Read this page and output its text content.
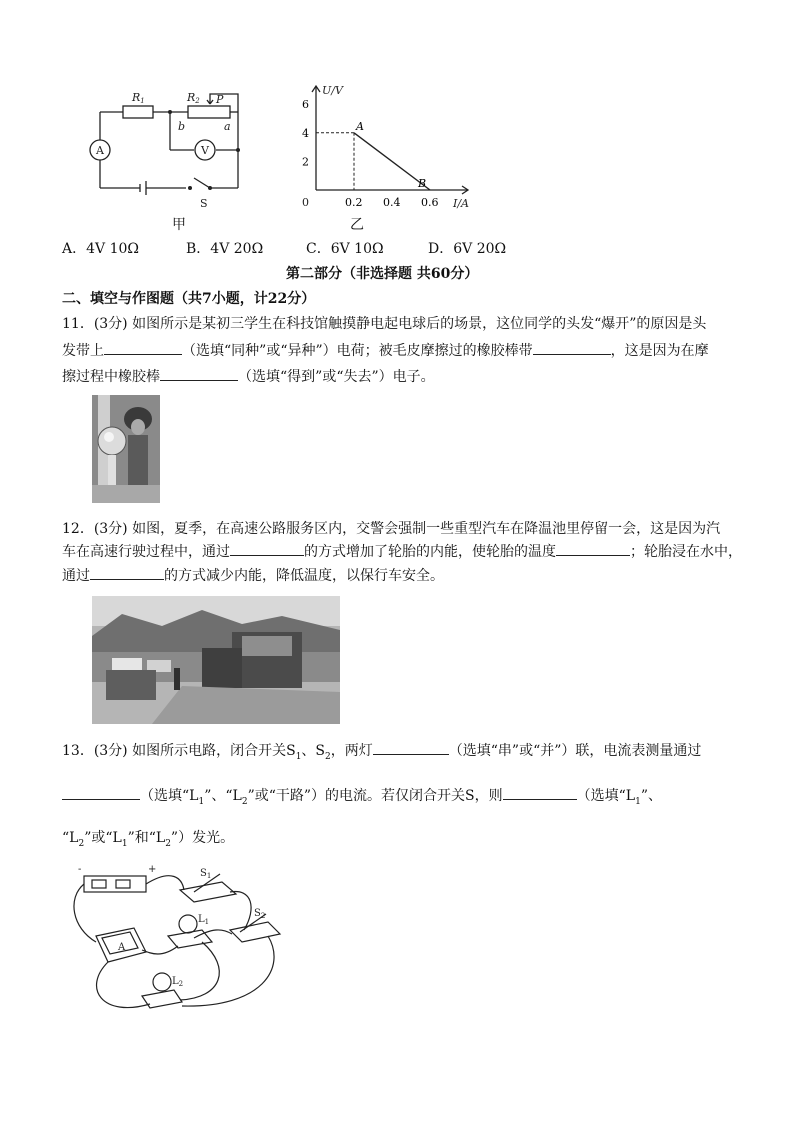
R1	R2 P
b	a
A	V
S
甲
A
B
6
4
2
0.2 0.4 0.6
U/V
I/A
0
乙
A．4V 10Ω	B．4V 20Ω	C．6V 10Ω	D．6V 20Ω
第二部分（非选择题 共60分）
二、填空与作图题（共7小题，计22分）
11．(3分) 如图所示是某初三学生在科技馆触摸静电起电球后的场景，这位同学的头发“爆开”的原因是头
发带上	（选填“同种”或“异种”）电荷；被毛皮摩擦过的橡胶棒带	，这是因为在摩
擦过程中橡胶棒	（选填“得到”或“失去”）电子。
12．(3分) 如图，夏季，在高速公路服务区内，交警会强制一些重型汽车在降温池里停留一会，这是因为汽
车在高速行驶过程中，通过	的方式增加了轮胎的内能，使轮胎的温度	；轮胎浸在水中，
通过	的方式减少内能，降低温度，以保行车安全。
13．(3分) 如图所示电路，闭合开关$S_1$、$S_2$，两灯	（选填“串”或“并”）联，电流表测量通过
（选填“$L_1$”、“$L_2$”或“干路”）的电流。若仅闭合开关S，则	（选填“$L_1$”、
“$L_2$”或“$L_1$”和“$L_2$”）发光。
-	+	$S_1$
$S_2$
$L_1$
$L_2$
A
